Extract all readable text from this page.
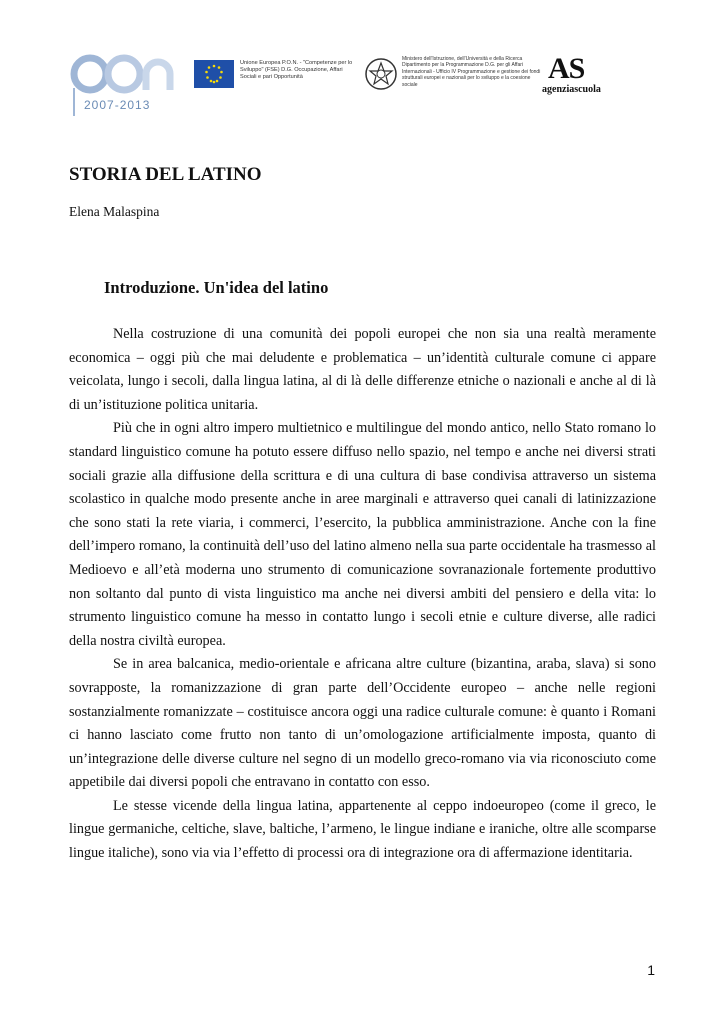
2007-2013
Unione Europea P.O.N. - "Competenze per lo Sviluppo" (FSE) D.G. Occupazione, Affari Sociali e pari Opportunità
Ministero dell'Istruzione, dell'Università e della Ricerca Dipartimento per la Programmazione D.G. per gli Affari Internazionali - Ufficio IV Programmazione e gestione dei fondi strutturali europei e nazionali per lo sviluppo e la coesione sociale	AS
agenziascuola
STORIA DEL LATINO

Elena Malaspina

Introduzione. Un'idea del latino

Nella costruzione di una comunità dei popoli europei che non sia una realtà meramente economica – oggi più che mai deludente e problematica – un’identità culturale comune ci appare veicolata, lungo i secoli, dalla lingua latina, al di là delle differenze etniche o nazionali e anche al di là di un’istituzione politica unitaria.

Più che in ogni altro impero multietnico e multilingue del mondo antico, nello Stato romano lo standard linguistico comune ha potuto essere diffuso nello spazio, nel tempo e anche nei diversi strati sociali grazie alla diffusione della scrittura e di una cultura di base condivisa attraverso un sistema scolastico in qualche modo presente anche in aree marginali e attraverso quei canali di latinizzazione che sono stati la rete viaria, i commerci, l’esercito, la pubblica amministrazione. Anche con la fine dell’impero romano, la continuità dell’uso del latino almeno nella sua parte occidentale ha trasmesso al Medioevo e all’età moderna uno strumento di comunicazione sovranazionale fortemente produttivo non soltanto dal punto di vista linguistico ma anche nei diversi ambiti del pensiero e della vita: lo strumento linguistico comune ha messo in contatto lungo i secoli etnie e culture diverse, alle radici della nostra civiltà europea.

Se in area balcanica, medio-orientale e africana altre culture (bizantina, araba, slava) si sono sovrapposte, la romanizzazione di gran parte dell’Occidente europeo – anche nelle regioni sostanzialmente romanizzate – costituisce ancora oggi una radice culturale comune: è quanto i Romani ci hanno lasciato come frutto non tanto di un’omologazione artificialmente imposta, quanto di un’integrazione delle diverse culture nel segno di un modello greco-romano via via riconosciuto come appetibile dai diversi popoli che entravano in contatto con esso.

Le stesse vicende della lingua latina, appartenente al ceppo indoeuropeo (come il greco, le lingue germaniche, celtiche, slave, baltiche, l’armeno, le lingue indiane e iraniche, oltre alle scomparse lingue italiche), sono via via l’effetto di processi ora di integrazione ora di affermazione identitaria.

1
